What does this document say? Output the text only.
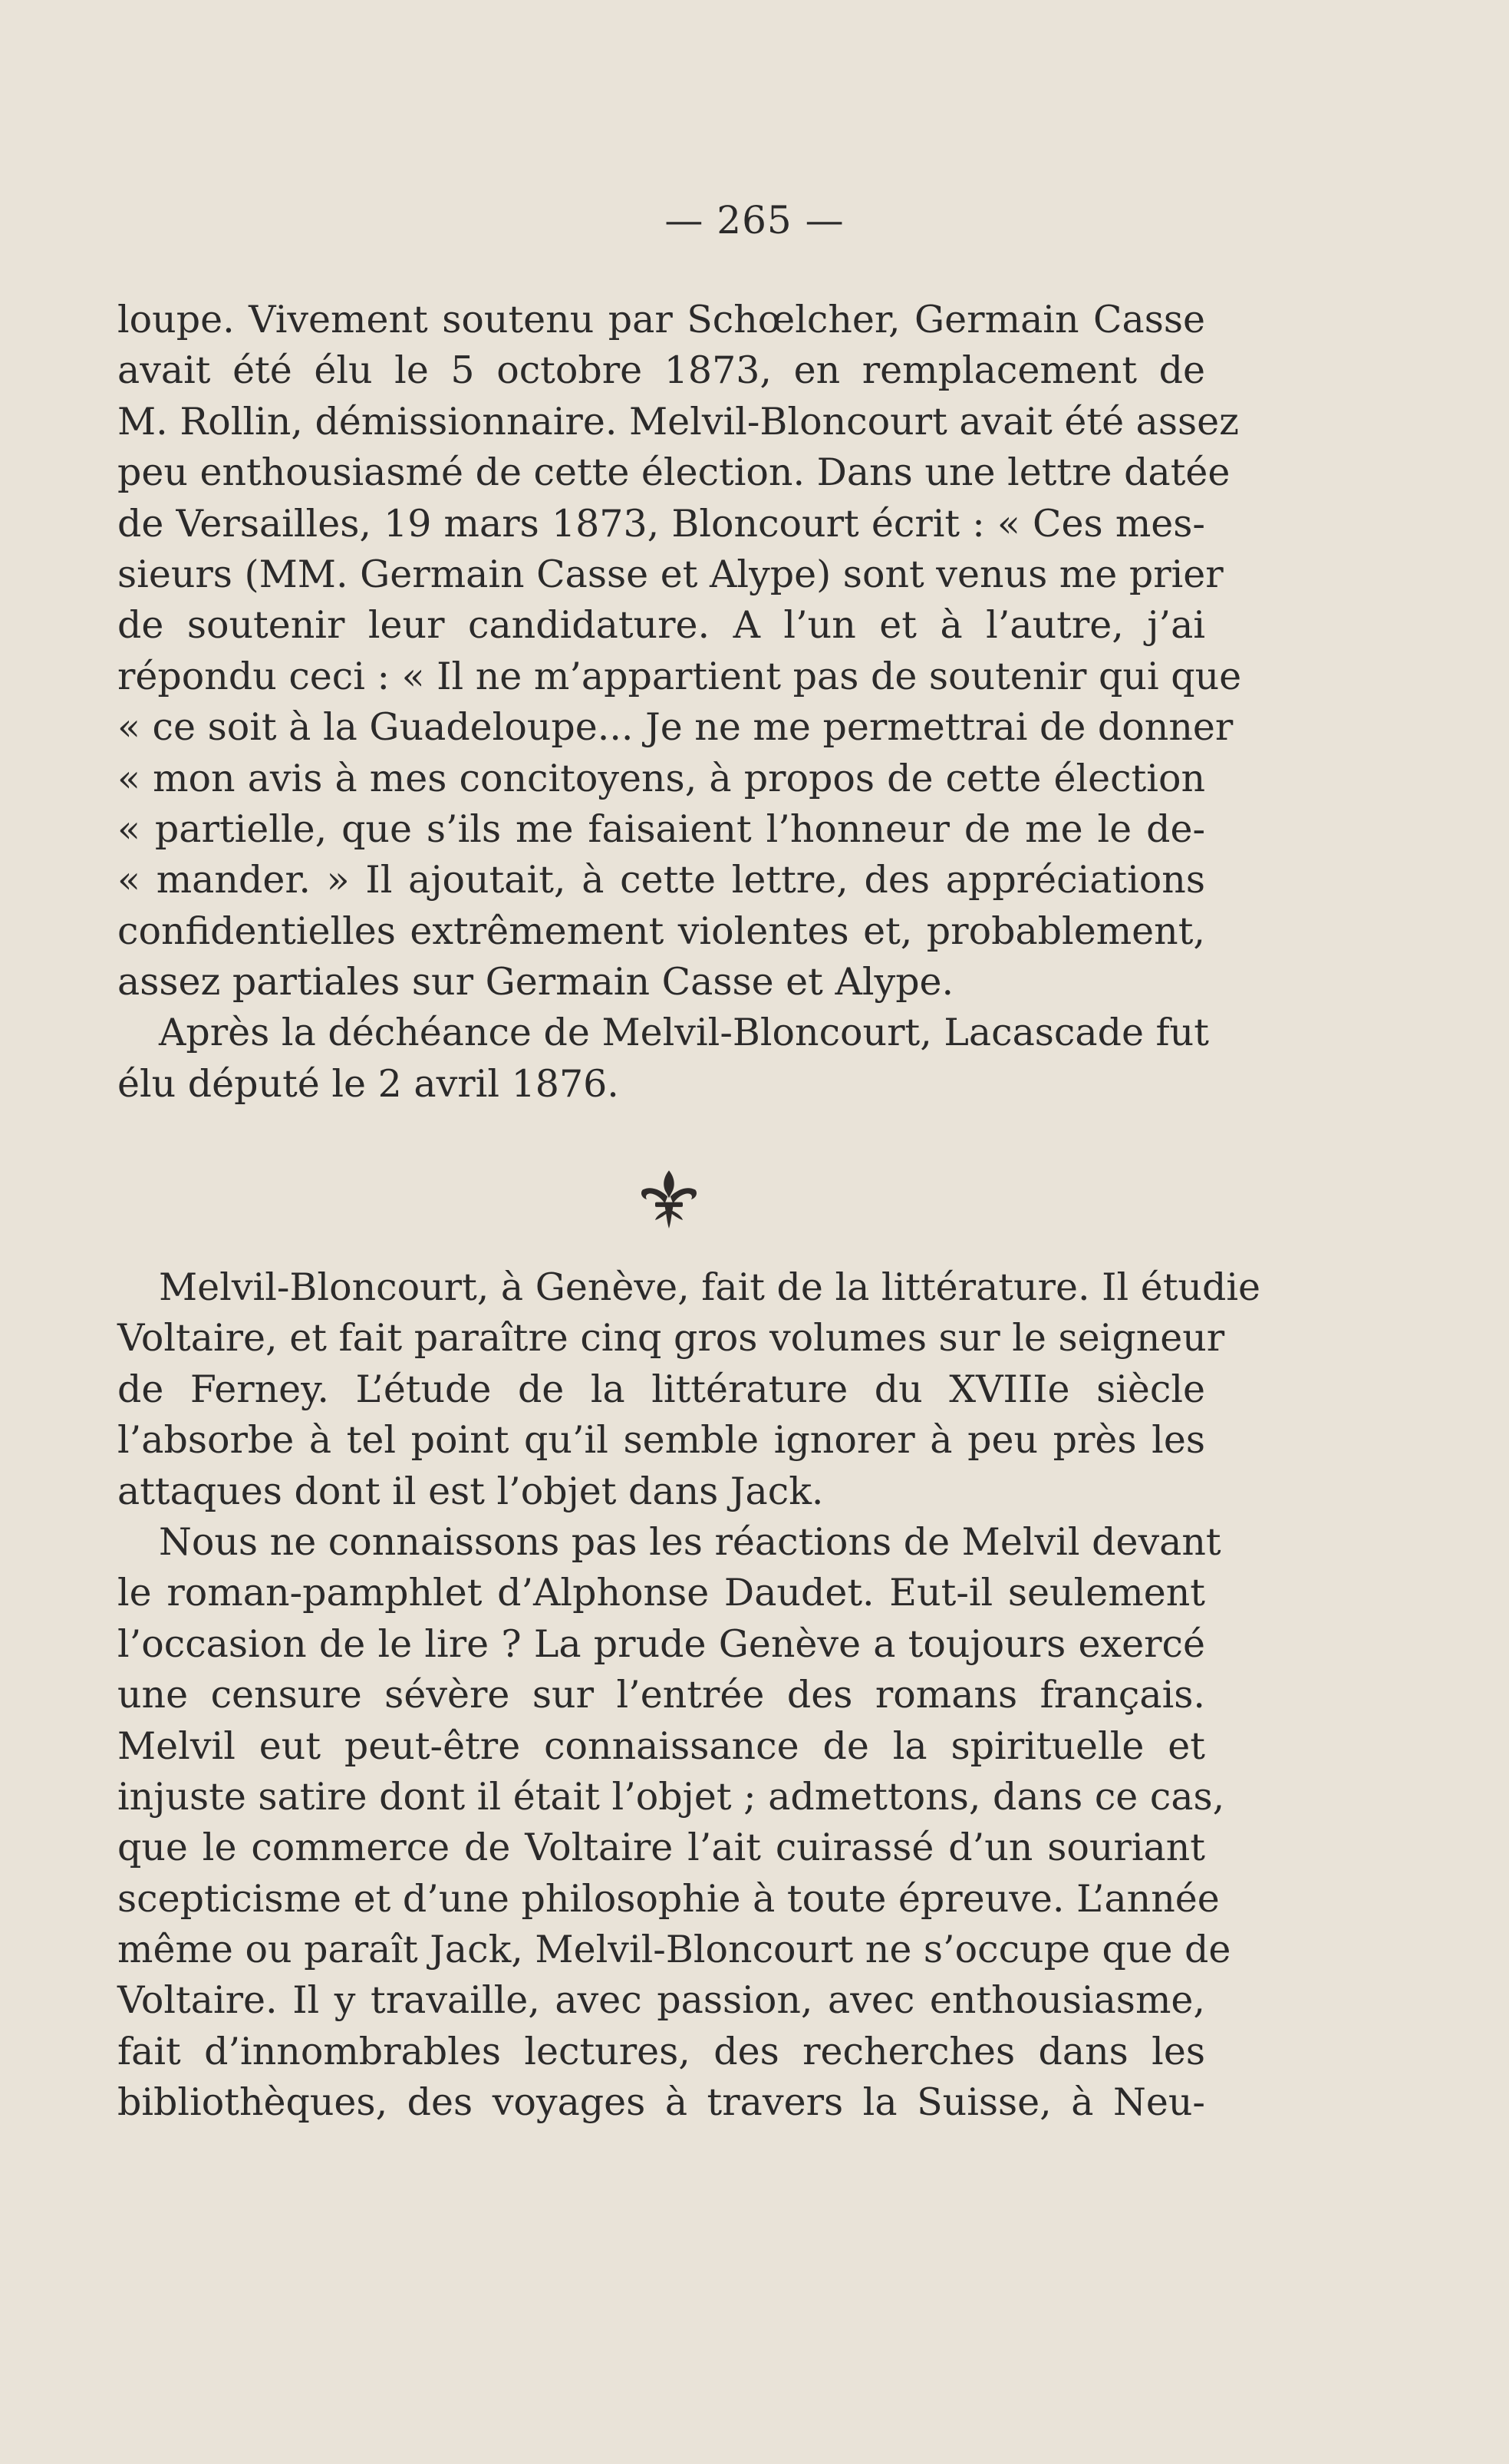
— 265 —
loupe. Vivement soutenu par Schœlcher, Germain Casse
avait été élu le 5 octobre 1873, en remplacement de
M. Rollin, démissionnaire. Melvil-Bloncourt avait été assez
peu enthousiasmé de cette élection. Dans une lettre datée
de Versailles, 19 mars 1873, Bloncourt écrit : « Ces mes-
sieurs (MM. Germain Casse et Alype) sont venus me prier
de soutenir leur candidature. A l’un et à l’autre, j’ai
répondu ceci : « Il ne m’appartient pas de soutenir qui que
« ce soit à la Guadeloupe... Je ne me permettrai de donner
« mon avis à mes concitoyens, à propos de cette élection
« partielle, que s’ils me faisaient l’honneur de me le de-
« mander. » Il ajoutait, à cette lettre, des appréciations
confidentielles extrêmement violentes et, probablement,
assez partiales sur Germain Casse et Alype.
Après la déchéance de Melvil-Bloncourt, Lacascade fut
élu député le 2 avril 1876.
Melvil-Bloncourt, à Genève, fait de la littérature. Il étudie
Voltaire, et fait paraître cinq gros volumes sur le seigneur
de Ferney. L’étude de la littérature du XVIIIe siècle
l’absorbe à tel point qu’il semble ignorer à peu près les
attaques dont il est l’objet dans Jack.
Nous ne connaissons pas les réactions de Melvil devant
le roman-pamphlet d’Alphonse Daudet. Eut-il seulement
l’occasion de le lire ? La prude Genève a toujours exercé
une censure sévère sur l’entrée des romans français.
Melvil eut peut-être connaissance de la spirituelle et
injuste satire dont il était l’objet ; admettons, dans ce cas,
que le commerce de Voltaire l’ait cuirassé d’un souriant
scepticisme et d’une philosophie à toute épreuve. L’année
même ou paraît Jack, Melvil-Bloncourt ne s’occupe que de
Voltaire. Il y travaille, avec passion, avec enthousiasme,
fait d’innombrables lectures, des recherches dans les
bibliothèques, des voyages à travers la Suisse, à Neu-
